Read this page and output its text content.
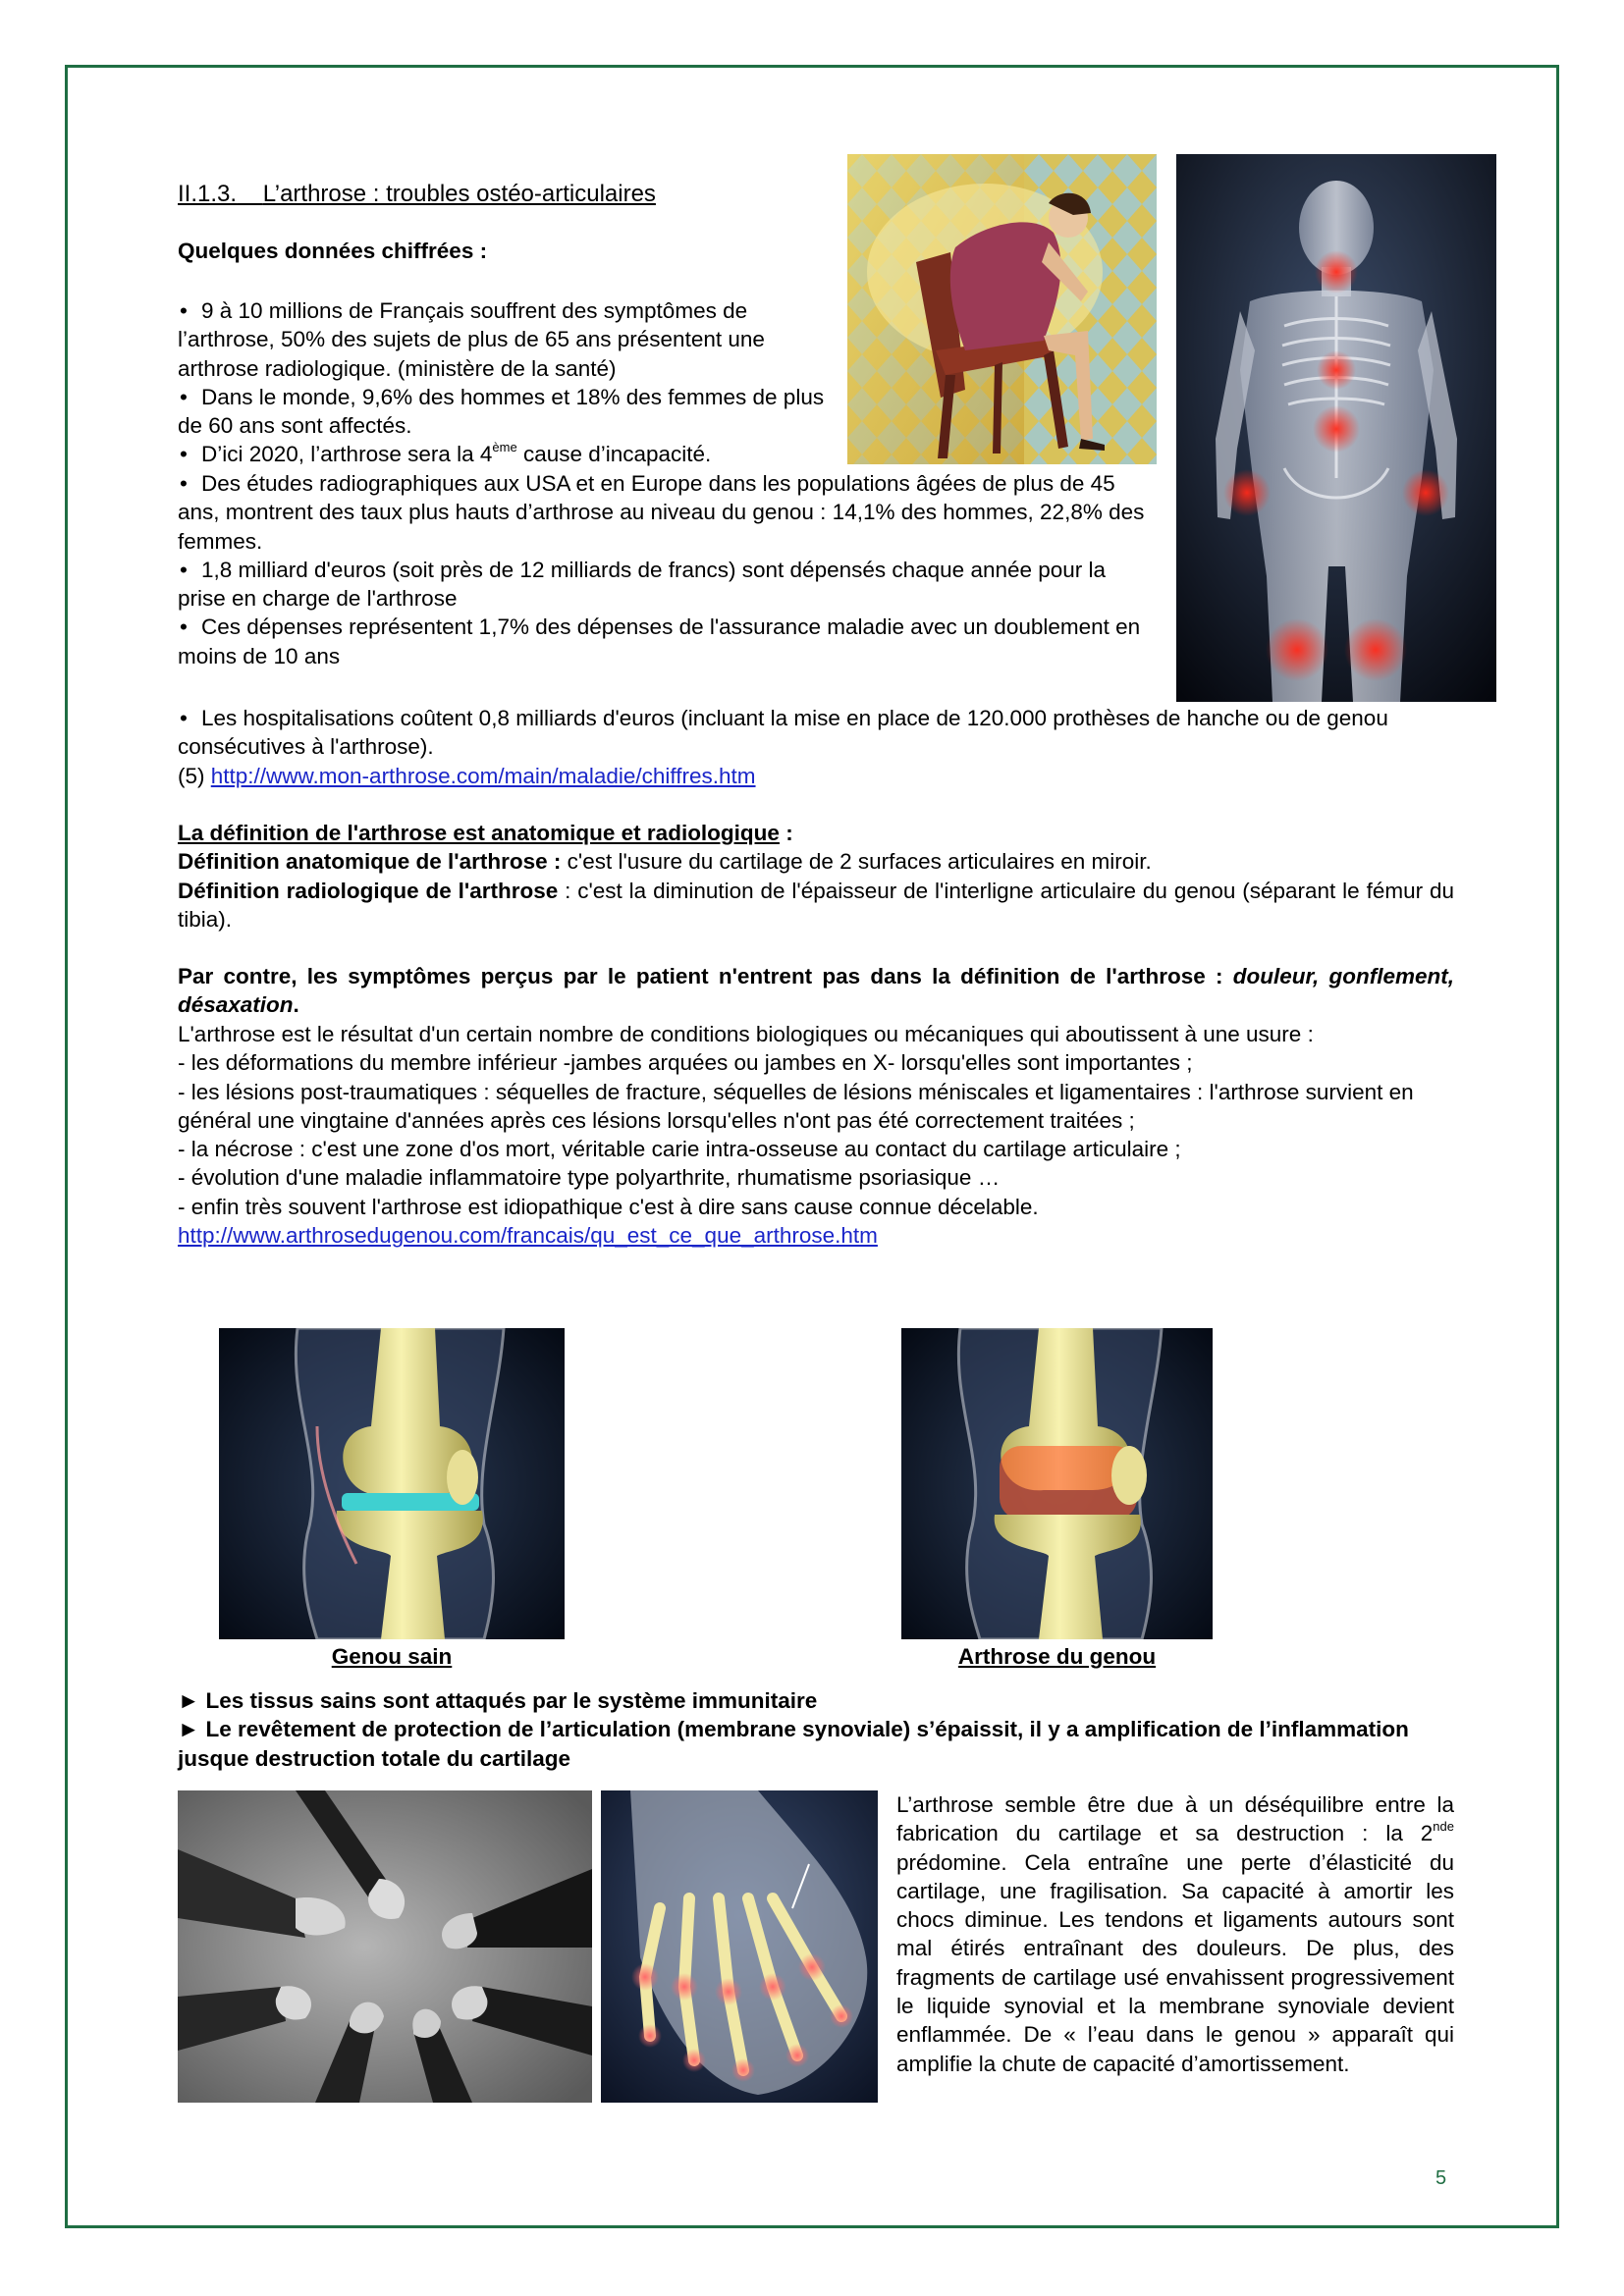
II.1.3. L’arthrose : troubles ostéo-articulaires
Quelques données chiffrées :
• 9 à 10 millions de Français souffrent des symptômes de l’arthrose, 50% des sujets de plus de 65 ans présentent une arthrose radiologique. (ministère de la santé)
• Dans le monde, 9,6% des hommes et 18% des femmes de plus de 60 ans sont affectés.
• D’ici 2020, l’arthrose sera la 4ème cause d’incapacité.
• Des études radiographiques aux USA et en Europe dans les populations âgées de plus de 45 ans, montrent des taux plus hauts d’arthrose au niveau du genou : 14,1% des hommes, 22,8% des femmes.
• 1,8 milliard d'euros (soit près de 12 milliards de francs) sont dépensés chaque année pour la prise en charge de l'arthrose
• Ces dépenses représentent 1,7% des dépenses de l'assurance maladie avec un doublement en moins de 10 ans
• Les hospitalisations coûtent 0,8 milliards d'euros (incluant la mise en place de 120.000 prothèses de hanche ou de genou consécutives à l'arthrose).
(5) http://www.mon-arthrose.com/main/maladie/chiffres.htm
La définition de l'arthrose est anatomique et radiologique :
Définition anatomique de l'arthrose : c'est l'usure du cartilage de 2 surfaces articulaires en miroir.
Définition radiologique de l'arthrose : c'est la diminution de l'épaisseur de l'interligne articulaire du genou (séparant le fémur du tibia).
Par contre, les symptômes perçus par le patient n'entrent pas dans la définition de l'arthrose : douleur, gonflement, désaxation.
L'arthrose est le résultat d'un certain nombre de conditions biologiques ou mécaniques qui aboutissent à une usure :
- les déformations du membre inférieur -jambes arquées ou jambes en X- lorsqu'elles sont importantes ;
- les lésions post-traumatiques : séquelles de fracture, séquelles de lésions méniscales et ligamentaires : l'arthrose survient en général une vingtaine d'années après ces lésions lorsqu'elles n'ont pas été correctement traitées ;
- la nécrose : c'est une zone d'os mort, véritable carie intra-osseuse au contact du cartilage articulaire ;
- évolution d'une maladie inflammatoire type polyarthrite, rhumatisme psoriasique …
- enfin très souvent l'arthrose est idiopathique c'est à dire sans cause connue décelable.
http://www.arthrosedugenou.com/francais/qu_est_ce_que_arthrose.htm
Genou sain	Arthrose du genou
► Les tissus sains sont attaqués par le système immunitaire
► Le revêtement de protection de l’articulation (membrane synoviale) s’épaissit, il y a amplification de l’inflammation jusque destruction totale du cartilage
L’arthrose semble être due à un déséquilibre entre la fabrication du cartilage et sa destruction : la 2nde prédomine. Cela entraîne une perte d’élasticité du cartilage, une fragilisation. Sa capacité à amortir les chocs diminue. Les tendons et ligaments autours sont mal étirés entraînant des douleurs. De plus, des fragments de cartilage usé envahissent progressivement le liquide synovial et la membrane synoviale devient enflammée. De « l’eau dans le genou » apparaît qui amplifie la chute de capacité d’amortissement.
5
